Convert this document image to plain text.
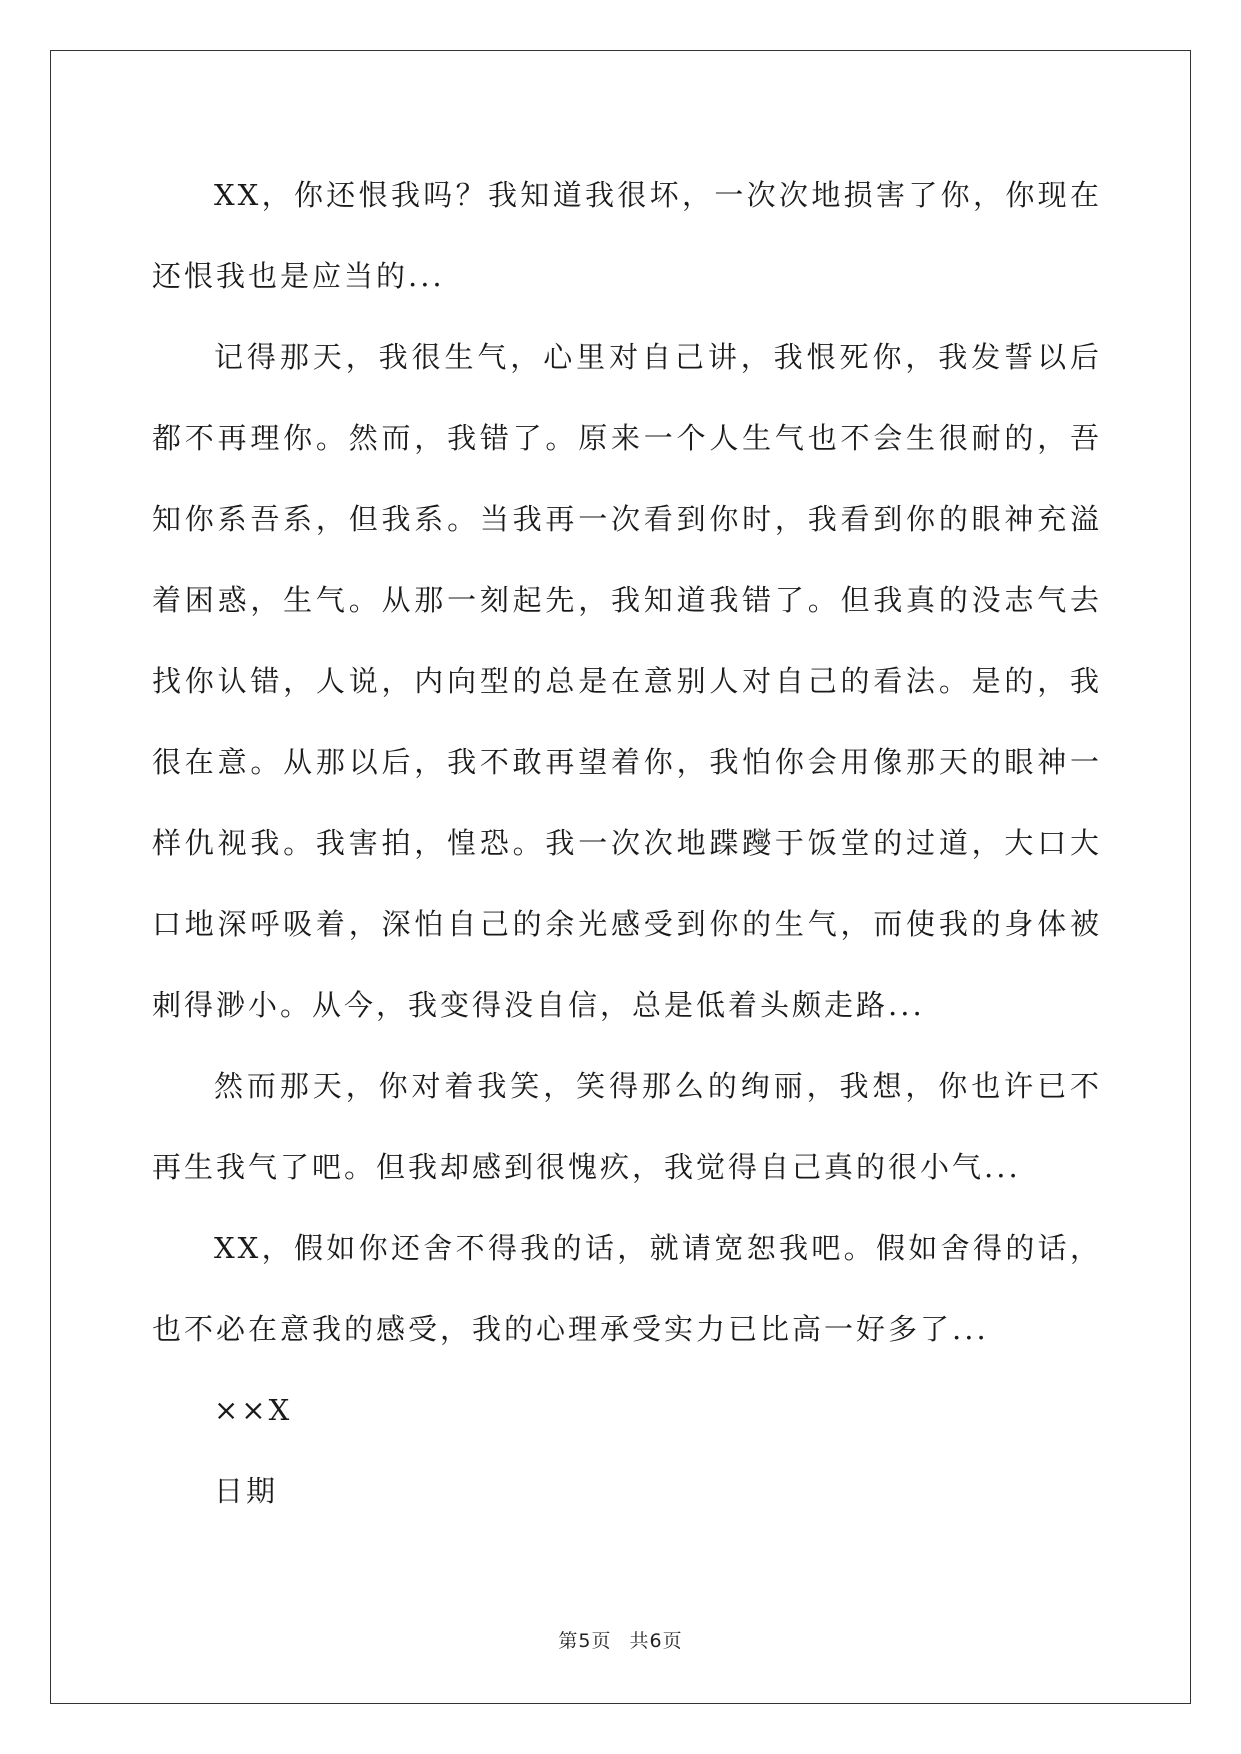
XX，你还恨我吗？我知道我很坏，一次次地损害了你，你现在还恨我也是应当的...

记得那天，我很生气，心里对自己讲，我恨死你，我发誓以后都不再理你。然而，我错了。原来一个人生气也不会生很耐的，吾知你系吾系，但我系。当我再一次看到你时，我看到你的眼神充溢着困惑，生气。从那一刻起先，我知道我错了。但我真的没志气去找你认错，人说，内向型的总是在意别人对自己的看法。是的，我很在意。从那以后，我不敢再望着你，我怕你会用像那天的眼神一样仇视我。我害拍，惶恐。我一次次地蹀躞于饭堂的过道，大口大口地深呼吸着，深怕自己的余光感受到你的生气，而使我的身体被刺得渺小。从今，我变得没自信，总是低着头颇走路...

然而那天，你对着我笑，笑得那么的绚丽，我想，你也许已不再生我气了吧。但我却感到很愧疚，我觉得自己真的很小气...

XX，假如你还舍不得我的话，就请宽恕我吧。假如舍得的话，也不必在意我的感受，我的心理承受实力已比高一好多了...

××X

日期

第5页 共6页
